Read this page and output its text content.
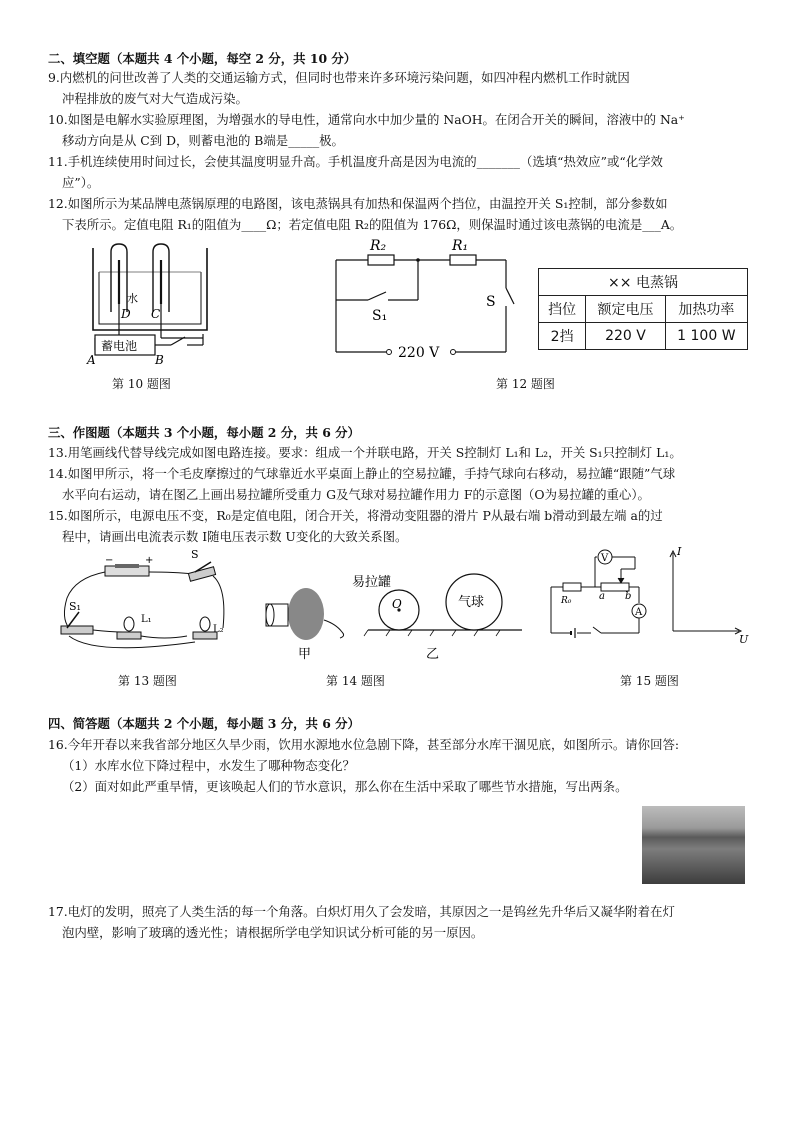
二、填空题（本题共 4 个小题，每空 2 分，共 10 分）
9.内燃机的问世改善了人类的交通运输方式，但同时也带来许多环境污染问题，如四冲程内燃机工作时就因
冲程排放的废气对大气造成污染。
10.如图是电解水实验原理图，为增强水的导电性，通常向水中加少量的 NaOH。在闭合开关的瞬间，溶液中的 Na⁺
移动方向是从 C到 D，则蓄电池的 B端是_____极。
11.手机连续使用时间过长，会使其温度明显升高。手机温度升高是因为电流的_______（选填“热效应”或“化学效
应”）。
12.如图所示为某品牌电蒸锅原理的电路图，该电蒸锅具有加热和保温两个挡位，由温控开关 S₁控制，部分参数如
下表所示。定值电阻 R₁的阻值为____Ω；若定值电阻 R₂的阻值为 176Ω，则保温时通过该电蒸锅的电流是___A。
水
D C
蓄电池
A	B
第 10 题图
R₂	R₁
S₁
S
220 V
×× 电蒸锅		
挡位	额定电压	加热功率
2挡	220 V	1 100 W
第 12 题图
三、作图题（本题共 3 个小题，每小题 2 分，共 6 分）
13.用笔画线代替导线完成如图电路连接。要求：组成一个并联电路，开关 S控制灯 L₁和 L₂，开关 S₁只控制灯 L₁。
14.如图甲所示，将一个毛皮摩擦过的气球靠近水平桌面上静止的空易拉罐，手持气球向右移动，易拉罐“跟随”气球
水平向右运动，请在图乙上画出易拉罐所受重力 G及气球对易拉罐作用力 F的示意图（O为易拉罐的重心）。
15.如图所示，电源电压不变，R₀是定值电阻，闭合开关，将滑动变阻器的滑片 P从最右端 b滑动到最左端 a的过
程中，请画出电流表示数 I随电压表示数 U变化的大致关系图。
−	+	S
S₁
L₁
L₂
第 13 题图
甲
易拉罐
O	气球
乙
第 14 题图
V
A
R₀	a b
I
U
第 15 题图
四、简答题（本题共 2 个小题，每小题 3 分，共 6 分）
16.今年开春以来我省部分地区久旱少雨，饮用水源地水位急剧下降，甚至部分水库干涸见底，如图所示。请你回答:
（1）水库水位下降过程中，水发生了哪种物态变化？
（2）面对如此严重旱情，更该唤起人们的节水意识，那么你在生活中采取了哪些节水措施，写出两条。
17.电灯的发明，照亮了人类生活的每一个角落。白炽灯用久了会发暗，其原因之一是钨丝先升华后又凝华附着在灯
泡内壁，影响了玻璃的透光性；请根据所学电学知识试分析可能的另一原因。
